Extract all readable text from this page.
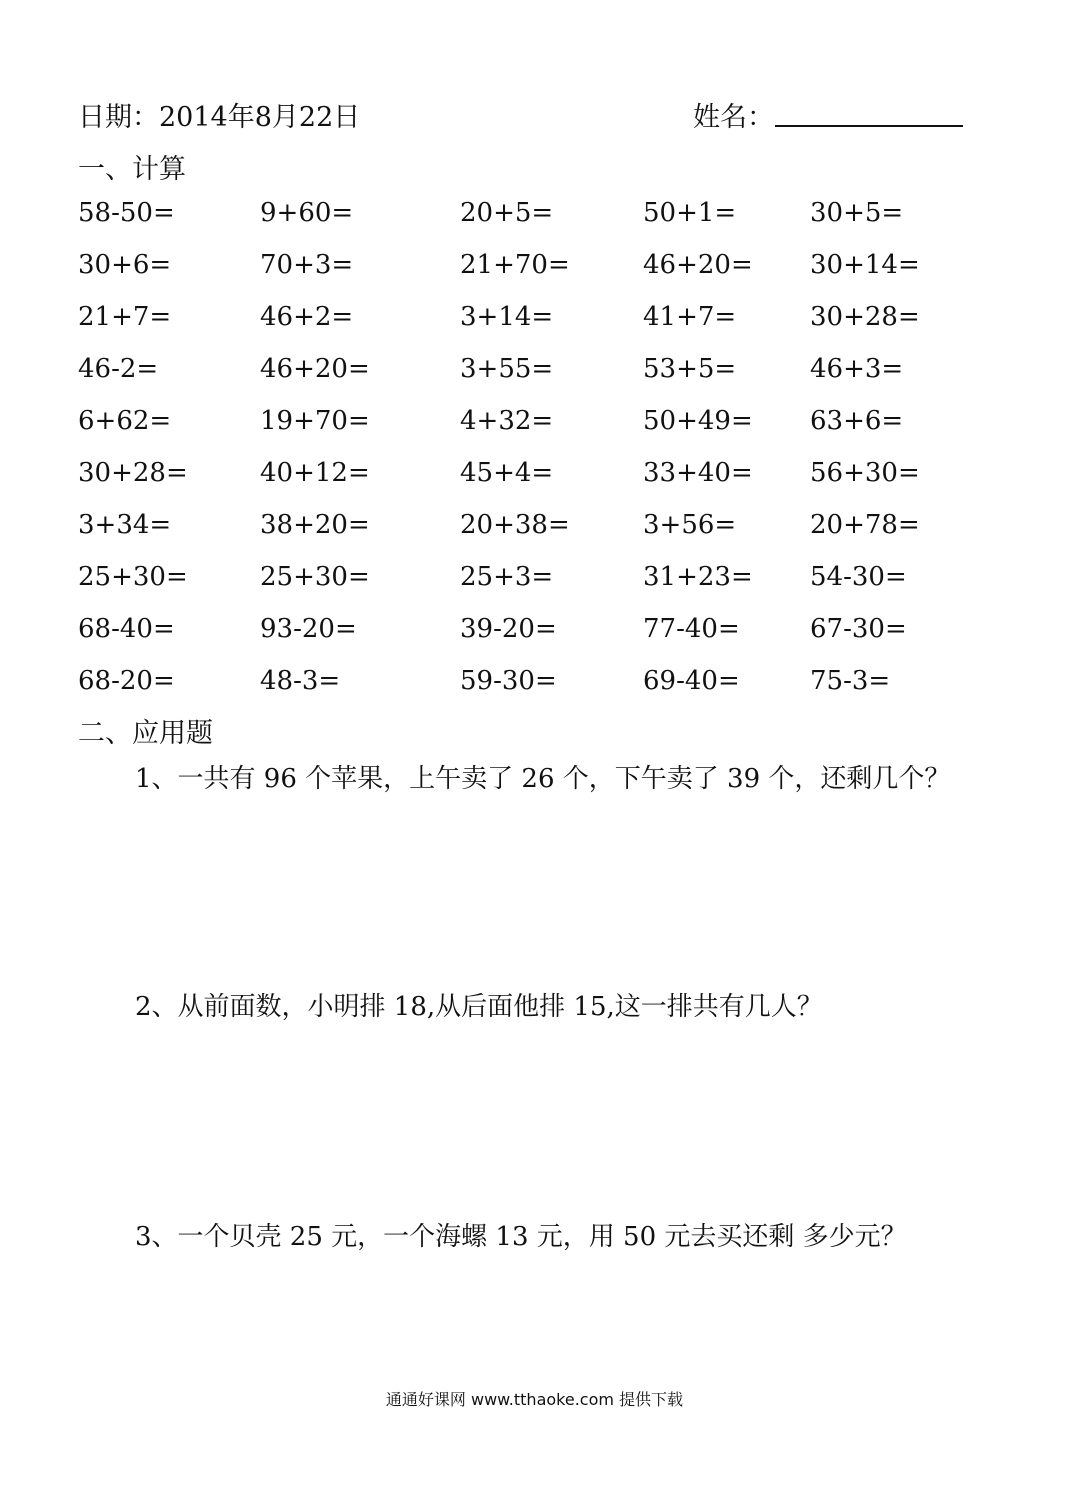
日期：2014年8月22日	姓名：
一、计算
58-50=	9+60=	20+5=	50+1=	30+5=
30+6=	70+3=	21+70=	46+20= 30+14=
21+7=	46+2=	3+14=	41+7=	30+28=
46-2=	46+20=	3+55=	53+5=	46+3=
6+62=	19+70=	4+32=	50+49= 63+6=
30+28=	40+12=	45+4=	33+40= 56+30=
3+34=	38+20=	20+38=	3+56=	20+78=
25+30=	25+30=	25+3=	31+23= 54-30=
68-40=	93-20=	39-20=	77-40=	67-30=
68-20=	48-3=	59-30=	69-40=	75-3=
二、应用题
1、一共有 96 个苹果，上午卖了 26 个，下午卖了 39 个，还剩几个？
2、从前面数，小明排 18,从后面他排 15,这一排共有几人？
3、一个贝壳 25 元，一个海螺 13 元，用 50 元去买还剩 多少元？
通通好课网 www.tthaoke.com 提供下载
